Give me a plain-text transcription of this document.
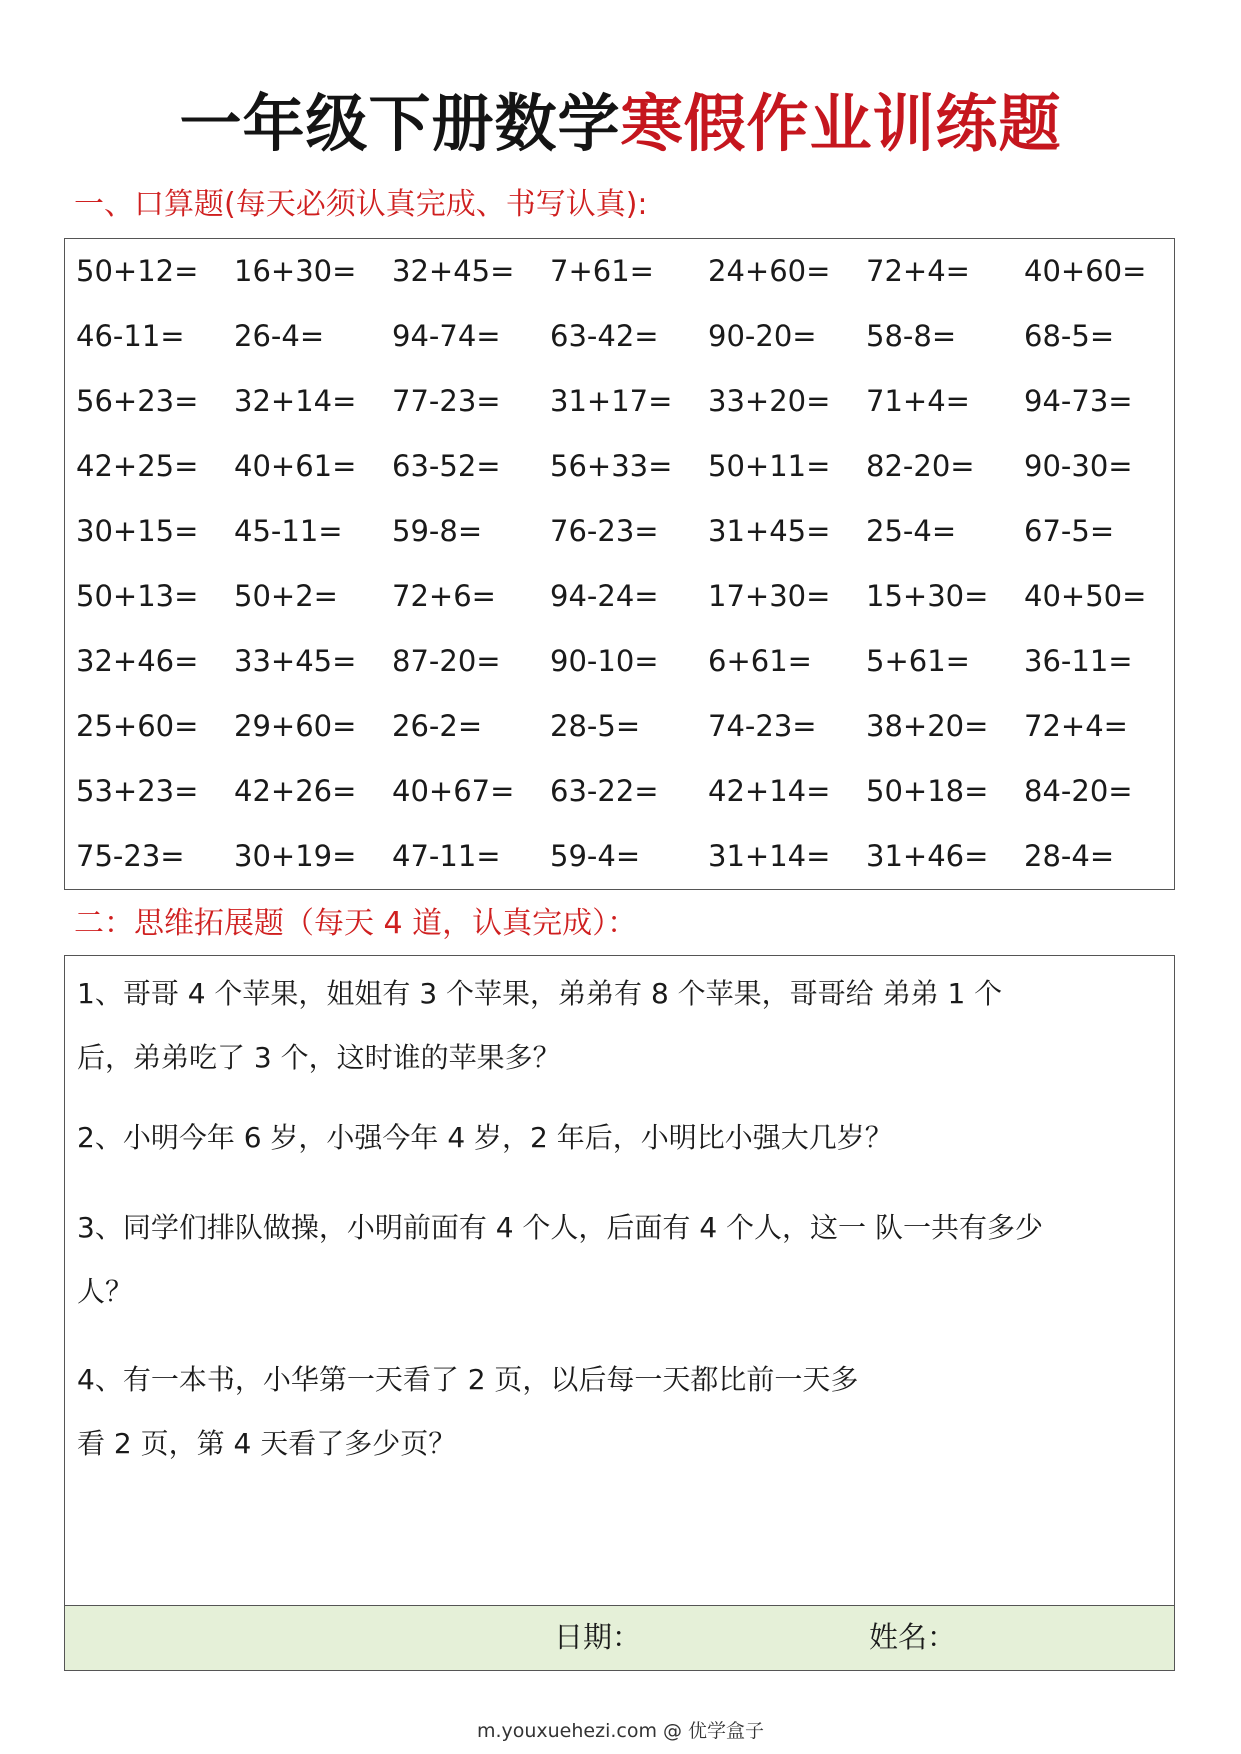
一年级下册数学寒假作业训练题
一、口算题(每天必须认真完成、书写认真):
50+12= 16+30= 32+45= 7+61= 24+60= 72+4= 40+60=
46-11= 26-4= 94-74= 63-42= 90-20= 58-8= 68-5=
56+23= 32+14= 77-23= 31+17= 33+20= 71+4= 94-73=
42+25= 40+61= 63-52= 56+33= 50+11= 82-20= 90-30=
30+15= 45-11= 59-8= 76-23= 31+45= 25-4= 67-5=
50+13= 50+2= 72+6= 94-24= 17+30= 15+30= 40+50=
32+46= 33+45= 87-20= 90-10= 6+61= 5+61= 36-11=
25+60= 29+60= 26-2= 28-5= 74-23= 38+20= 72+4=
53+23= 42+26= 40+67= 63-22= 42+14= 50+18= 84-20=
75-23= 30+19= 47-11= 59-4= 31+14= 31+46= 28-4=
二：思维拓展题（每天 4 道，认真完成）：
1、哥哥 4 个苹果，姐姐有 3 个苹果，弟弟有 8 个苹果，哥哥给 弟弟 1 个
后，弟弟吃了 3 个，这时谁的苹果多？
2、小明今年 6 岁，小强今年 4 岁，2 年后，小明比小强大几岁？
3、同学们排队做操，小明前面有 4 个人，后面有 4 个人，这一 队一共有多少
人？
4、有一本书，小华第一天看了 2 页，以后每一天都比前一天多
看 2 页，第 4 天看了多少页？
日期：	姓名：
m.youxuehezi.com @ 优学盒子
